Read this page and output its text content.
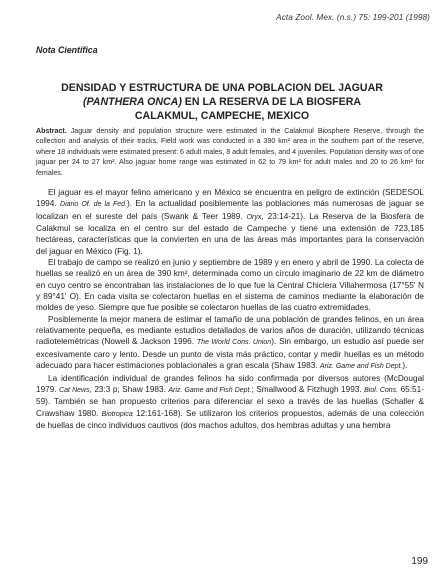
Acta Zool. Mex. (n.s.) 75: 199-201 (1998)
Nota Científica
DENSIDAD Y ESTRUCTURA DE UNA POBLACION DEL JAGUAR
(PANTHERA ONCA) EN LA RESERVA DE LA BIOSFERA
CALAKMUL, CAMPECHE, MEXICO
Abstract. Jaguar density and population structure were estimated in the Calakmul Biosphere Reserve, through the collection and analysis of their tracks. Field work was conducted in a 390 km² area in the southern part of the reserve, where 18 individuals were estimated present: 6 adult males, 8 adult females, and 4 juveniles. Population density was of one jaguar per 24 to 27 km². Also jaguar home range was estimated in 62 to 79 km² for adult males and 20 to 26 km² for females.

El jaguar es el mayor felino americano y en México se encuentra en peligro de extinción (SEDESOL 1994. Diario Of. de la Fed.). En la actualidad posiblemente las poblaciones más numerosas de jaguar se localizan en el sureste del país (Swank & Teer 1989. Oryx, 23:14-21). La Reserva de la Biosfera de Calakmul se localiza en el centro sur del estado de Campeche y tiene una extensión de 723,185 hectáreas, características que la convierten en una de las áreas más importantes para la conservación del jaguar en México (Fig. 1).

El trabajo de campo se realizó en junio y septiembre de 1989 y en enero y abril de 1990. La colecta de huellas se realizó en un área de 390 km², determinada como un círculo imaginario de 22 km de diámetro en cuyo centro se encontraban las instalaciones de lo que fue la Central Chiclera Villahermosa (17°55' N y 89°41' O). En cada visita se colectaron huellas en el sistema de caminos mediante la elaboración de moldes de yeso. Siempre que fue posible se colectaron huellas de las cuatro extremidades.

Posiblemente la mejor manera de estimar el tamaño de una población de grandes felinos, en un área relativamente pequeña, es mediante estudios detallados de varios años de duración, utilizando técnicas radiotelemétricas (Nowell & Jackson 1996. The World Cons. Union). Sin embargo, un estudio así puede ser excesivamente caro y lento. Desde un punto de vista más práctico, contar y medir huellas es un método adecuado para hacer estimaciones poblacionales a gran escala (Shaw 1983. Ariz. Game and Fish Dept.).

La identificación individual de grandes felinos ha sido confirmada por diversos autores (McDougal 1979. Cat News, 23:3 p; Shaw 1983. Ariz. Game and Fish Dept.; Smallwood & Fitzhugh 1993. Biol. Cons. 65:51-59). También se han propuesto criterios para diferenciar el sexo a través de las huellas (Schaller & Crawshaw 1980. Biotropica 12:161-168). Se utilizaron los criterios propuestos, además de una colección de huellas de cinco individuos cautivos (dos machos adultos, dos hembras adultas y una hembra

199
